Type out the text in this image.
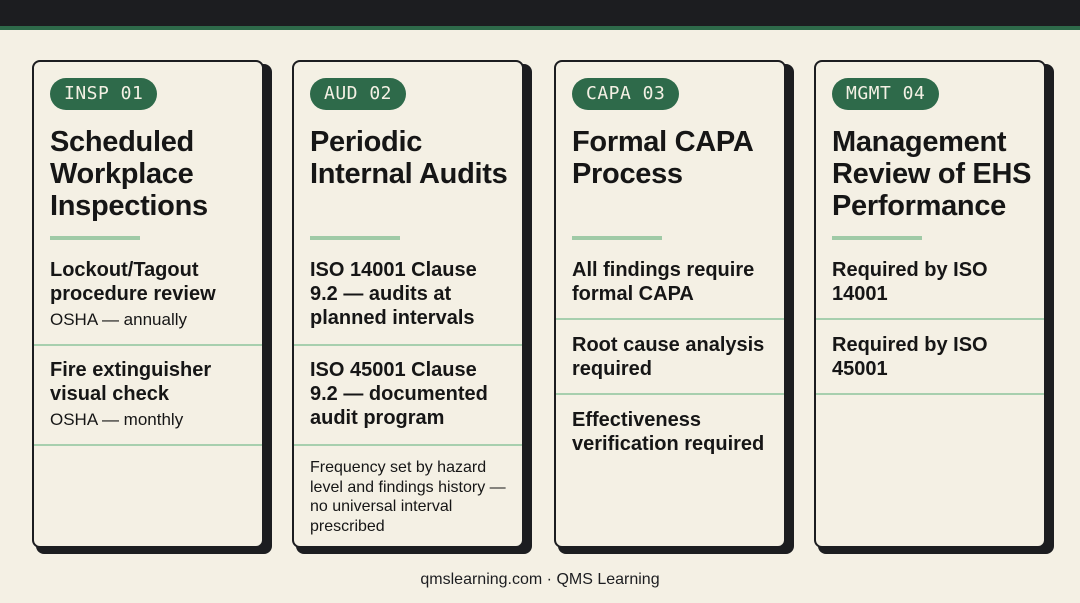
INSP 01
Scheduled Workplace Inspections
Lockout/Tagout procedure review
OSHA — annually
Fire extinguisher visual check
OSHA — monthly
AUD 02
Periodic Internal Audits
ISO 14001 Clause 9.2 — audits at planned intervals
ISO 45001 Clause 9.2 — documented audit program
Frequency set by hazard level and findings history — no universal interval prescribed
CAPA 03
Formal CAPA Process
All findings require formal CAPA
Root cause analysis required
Effectiveness verification required
MGMT 04
Management Review of EHS Performance
Required by ISO 14001
Required by ISO 45001
qmslearning.com · QMS Learning
